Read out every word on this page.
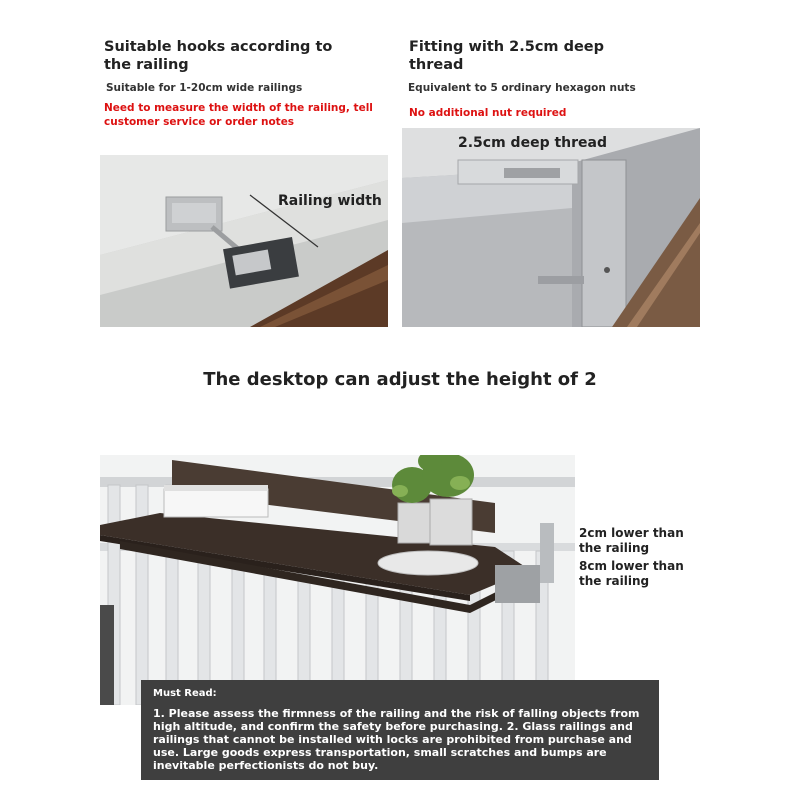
Suitable hooks according to the railing
Suitable for 1-20cm wide railings
Need to measure the width of the railing, tell customer service or order notes
Fitting with 2.5cm deep thread
Equivalent to 5 ordinary hexagon nuts
No additional nut required
Railing width
2.5cm deep thread
The desktop can adjust the height of 2
2cm lower than the railing
8cm lower than the railing
Must Read:
1. Please assess the firmness of the railing and the risk of falling objects from high altitude, and confirm the safety before purchasing. 2. Glass railings and railings that cannot be installed with locks are prohibited from purchase and use. Large goods express transportation, small scratches and bumps are inevitable perfectionists do not buy.
